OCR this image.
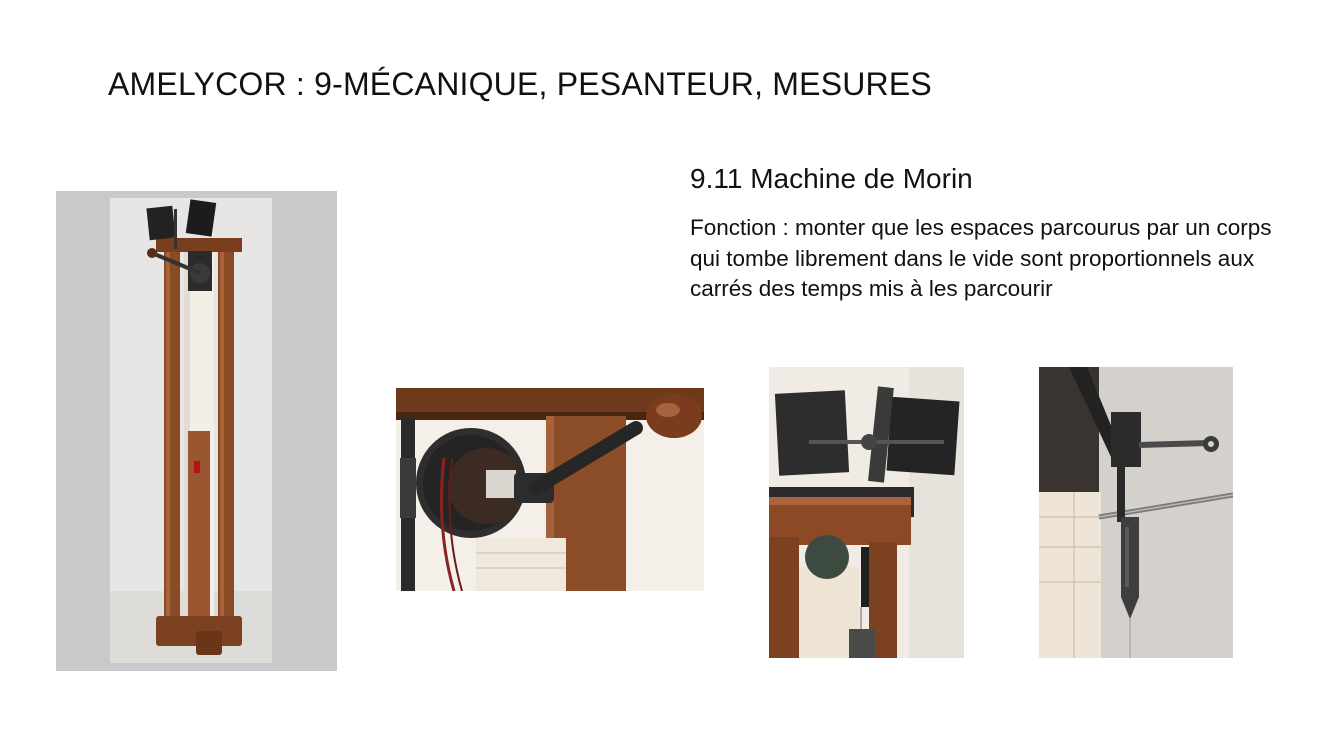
AMELYCOR : 9-MÉCANIQUE, PESANTEUR, MESURES
9.11 Machine de Morin
Fonction : monter que les espaces parcourus par un corps qui tombe librement dans le vide sont proportionnels aux carrés des temps mis à les parcourir
